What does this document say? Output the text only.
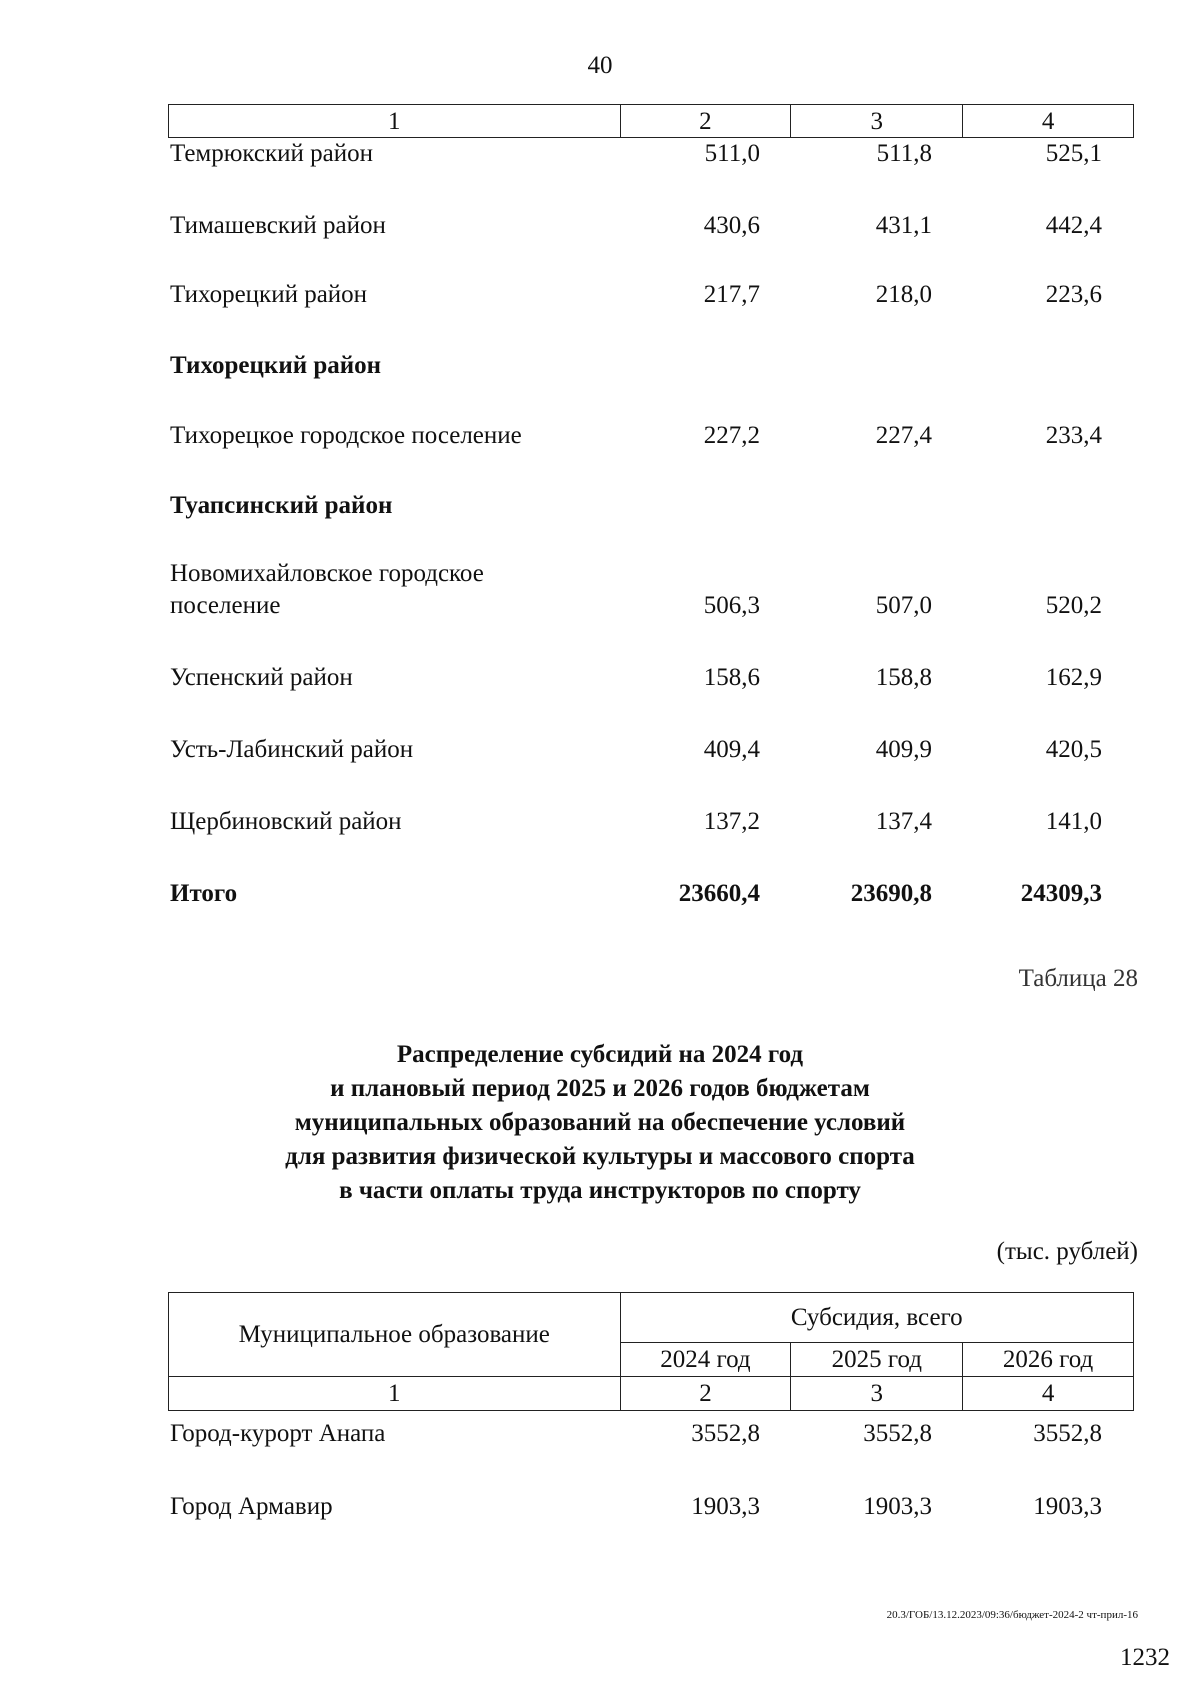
40
1	2	3	4
Темрюкский район	511,0	511,8	525,1
Тимашевский район	430,6	431,1	442,4
Тихорецкий район	217,7	218,0	223,6
Тихорецкий район
Тихорецкое городское поселение	227,2	227,4	233,4
Туапсинский район
Новомихайловское городское
поселение	506,3	507,0	520,2
Успенский район	158,6	158,8	162,9
Усть-Лабинский район	409,4	409,9	420,5
Щербиновский район	137,2	137,4	141,0
Итого	23660,4	23690,8	24309,3
Таблица 28
Распределение субсидий на 2024 год
и плановый период 2025 и 2026 годов бюджетам
муниципальных образований на обеспечение условий
для развития физической культуры и массового спорта
в части оплаты труда инструкторов по спорту
(тыс. рублей)
Муниципальное образование	Субсидия, всего		
	2024 год	2025 год	2026 год
1	2	3	4
Город-курорт Анапа	3552,8	3552,8	3552,8
Город Армавир	1903,3	1903,3	1903,3
20.3/ГОБ/13.12.2023/09:36/бюджет-2024-2 чт-прил-16
1232
